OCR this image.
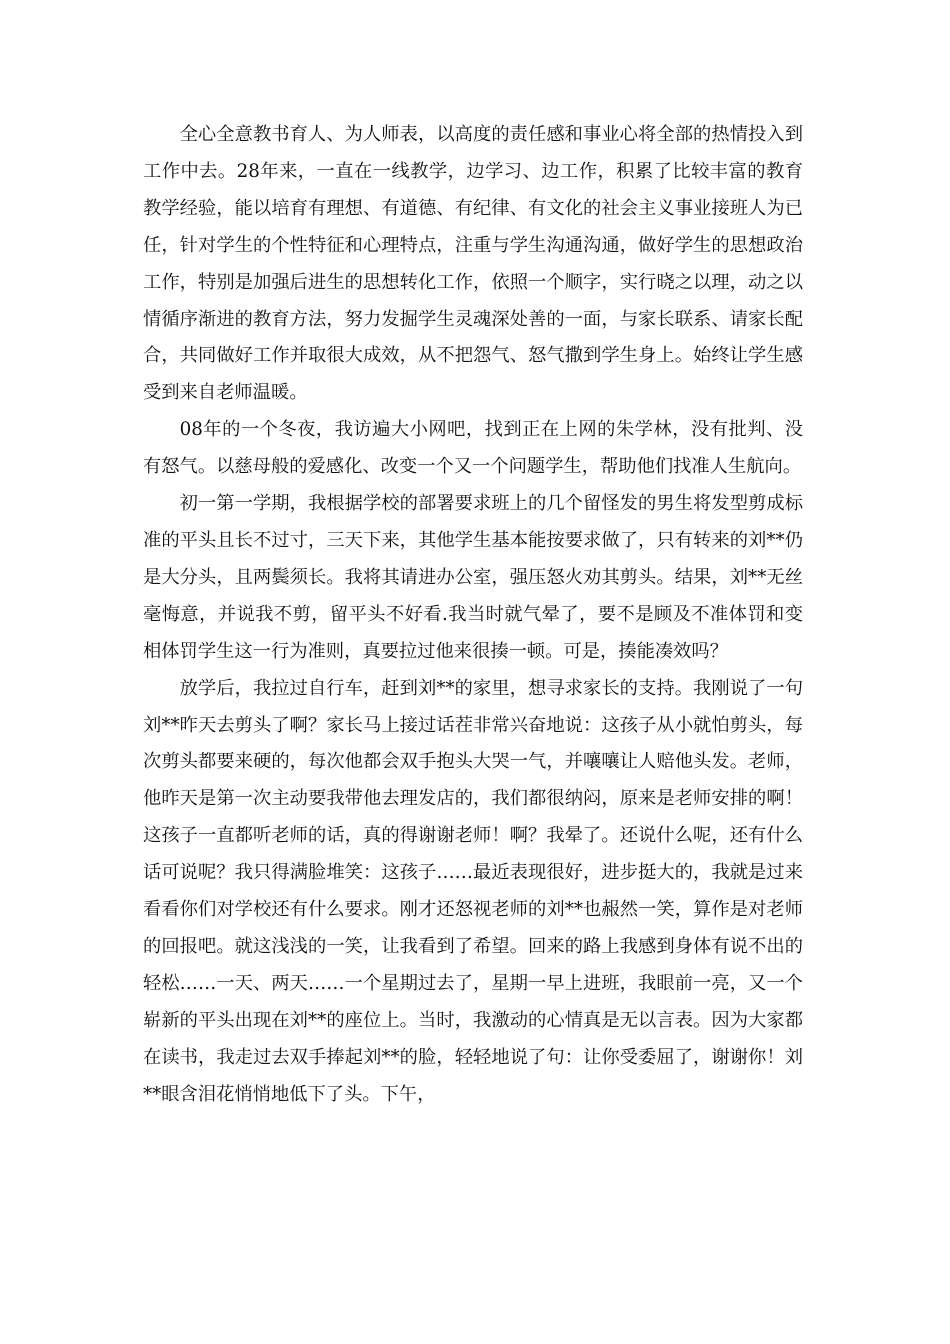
全心全意教书育人、为人师表，以高度的责任感和事业心将全部的热情投入到工作中去。28年来，一直在一线教学，边学习、边工作，积累了比较丰富的教育教学经验，能以培育有理想、有道德、有纪律、有文化的社会主义事业接班人为已任，针对学生的个性特征和心理特点，注重与学生沟通沟通，做好学生的思想政治工作，特别是加强后进生的思想转化工作，依照一个顺字，实行晓之以理，动之以情循序渐进的教育方法，努力发掘学生灵魂深处善的一面，与家长联系、请家长配合，共同做好工作并取很大成效，从不把怨气、怒气撒到学生身上。始终让学生感受到来自老师温暖。

08年的一个冬夜，我访遍大小网吧，找到正在上网的朱学林，没有批判、没有怒气。以慈母般的爱感化、改变一个又一个问题学生，帮助他们找准人生航向。

初一第一学期，我根据学校的部署要求班上的几个留怪发的男生将发型剪成标准的平头且长不过寸，三天下来，其他学生基本能按要求做了，只有转来的刘**仍是大分头，且两鬓须长。我将其请进办公室，强压怒火劝其剪头。结果，刘**无丝毫悔意，并说我不剪，留平头不好看.我当时就气晕了，要不是顾及不准体罚和变相体罚学生这一行为准则，真要拉过他来很揍一顿。可是，揍能凑效吗？

放学后，我拉过自行车，赶到刘**的家里，想寻求家长的支持。我刚说了一句刘**昨天去剪头了啊？家长马上接过话茬非常兴奋地说：这孩子从小就怕剪头，每次剪头都要来硬的，每次他都会双手抱头大哭一气，并嚷嚷让人赔他头发。老师，他昨天是第一次主动要我带他去理发店的，我们都很纳闷，原来是老师安排的啊！这孩子一直都听老师的话，真的得谢谢老师！啊？我晕了。还说什么呢，还有什么话可说呢？我只得满脸堆笑：这孩子……最近表现很好，进步挺大的，我就是过来看看你们对学校还有什么要求。刚才还怒视老师的刘**也赧然一笑，算作是对老师的回报吧。就这浅浅的一笑，让我看到了希望。回来的路上我感到身体有说不出的轻松……一天、两天……一个星期过去了，星期一早上进班，我眼前一亮，又一个崭新的平头出现在刘**的座位上。当时，我激动的心情真是无以言表。因为大家都在读书，我走过去双手捧起刘**的脸，轻轻地说了句：让你受委屈了，谢谢你！刘**眼含泪花悄悄地低下了头。下午，
